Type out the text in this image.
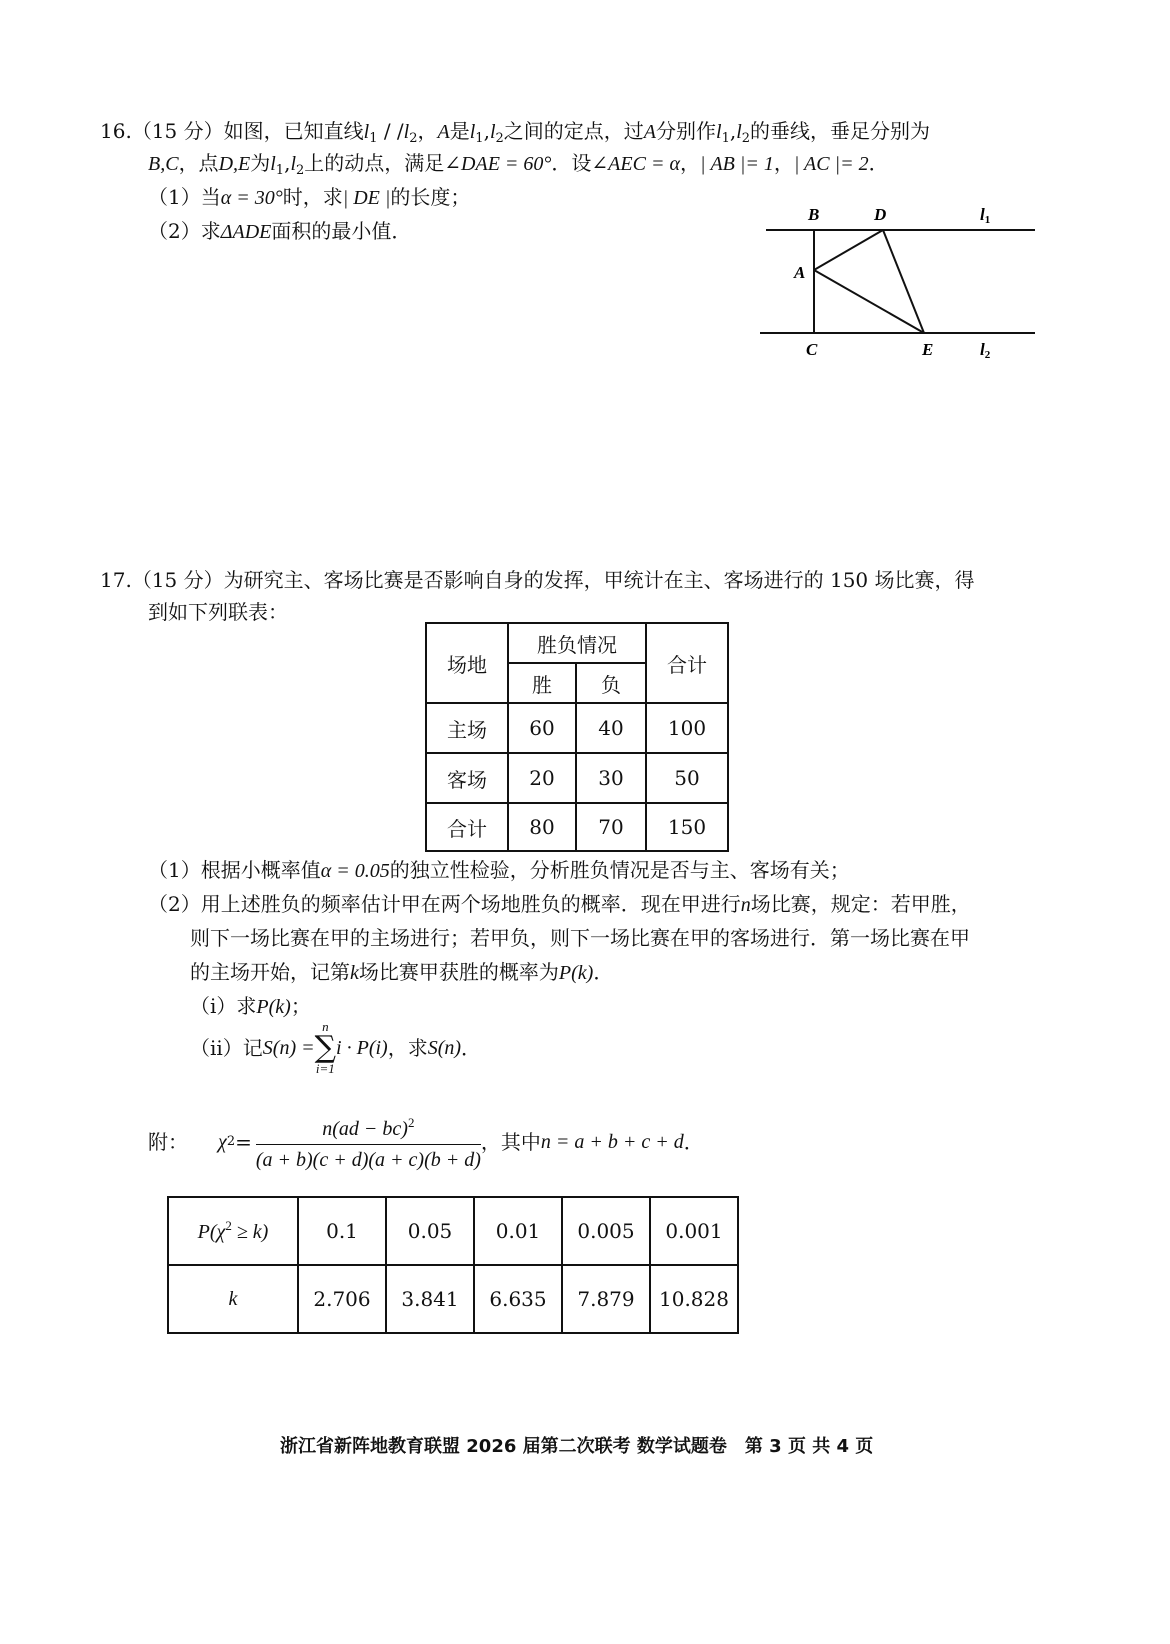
16.（15 分）如图，已知直线$l_1 / /l_2$，A是$l_1,l_2$之间的定点，过A分别作$l_1,l_2$的垂线，垂足分别为
B,C，点D,E为$l_1,l_2$上的动点，满足∠DAE = 60°．设∠AEC = α，| AB |= 1，| AC |= 2．
（1）当α = 30°时，求| DE |的长度；
（2）求ΔADE面积的最小值．
B	D	l1
A
C	E	l2
17.（15 分）为研究主、客场比赛是否影响自身的发挥，甲统计在主、客场进行的 150 场比赛，得
到如下列联表：
场地	胜负情况		合计
	胜	负	
主场	60	40	100
客场	20	30	50
合计	80	70	150
（1）根据小概率值α = 0.05的独立性检验，分析胜负情况是否与主、客场有关；
（2）用上述胜负的频率估计甲在两个场地胜负的概率．现在甲进行n场比赛，规定：若甲胜，
则下一场比赛在甲的主场进行；若甲负，则下一场比赛在甲的客场进行．第一场比赛在甲
的主场开始，记第k场比赛甲获胜的概率为P(k)．
（i）求P(k)；
（ii）记 S(n) =
n
∑
i=1
i · P(i) ，求 S(n) ．
附： χ $2 = \frac{n(ad - bc)^2}{(a + b)(c + d)(a + c)(b + d)}$ ，其中 n = a + b + c + d ．
$P(\chi^2 \ge k)$	0.1	0.05	0.01	0.005	0.001
k	2.706	3.841	6.635	7.879	10.828
浙江省新阵地教育联盟 2026 届第二次联考 数学试题卷　第 3 页 共 4 页
